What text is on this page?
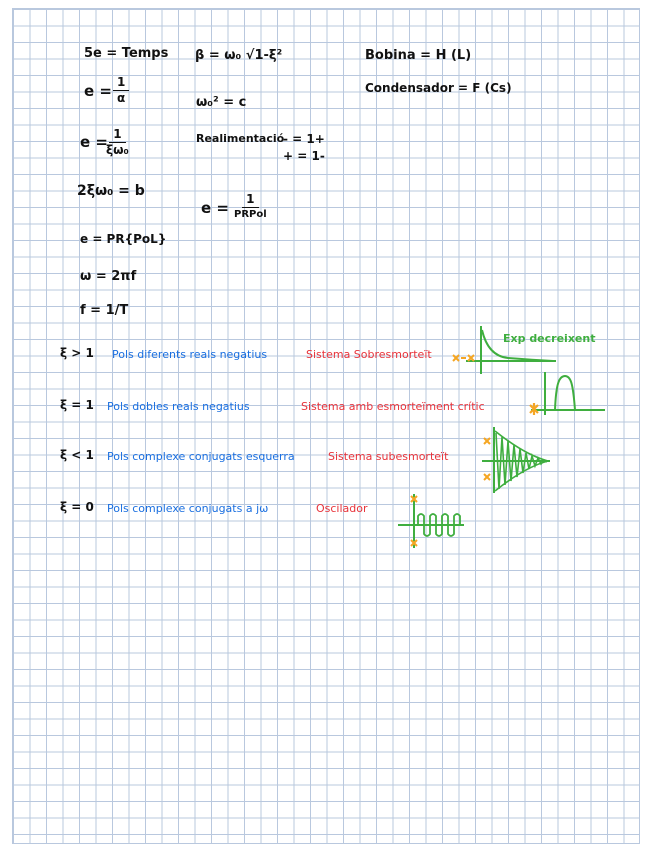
5e = Temps
$e = \frac{1}{\alpha}$
e =
$\frac{1}{\text{ξω₀}}$
2ξω₀ = b
e = PR{PoL}
ω = 2πf
f = 1/T
β = ω₀ √1-ξ²
ω₀² = c
Realimentació
- = 1+
+ = 1-
e =	1
PRPol
Bobina = H (L)
Condensador = F (Cs)
ξ > 1 Pols diferents reals negatius	Sistema Sobresmorteït
Exp decreixent
ξ = 1 Pols dobles reals negatius	Sistema amb esmorteïment crític
ξ < 1 Pols complexe conjugats esquerra	Sistema subesmorteït
ξ = 0 Pols complexe conjugats a jω	Oscilador
